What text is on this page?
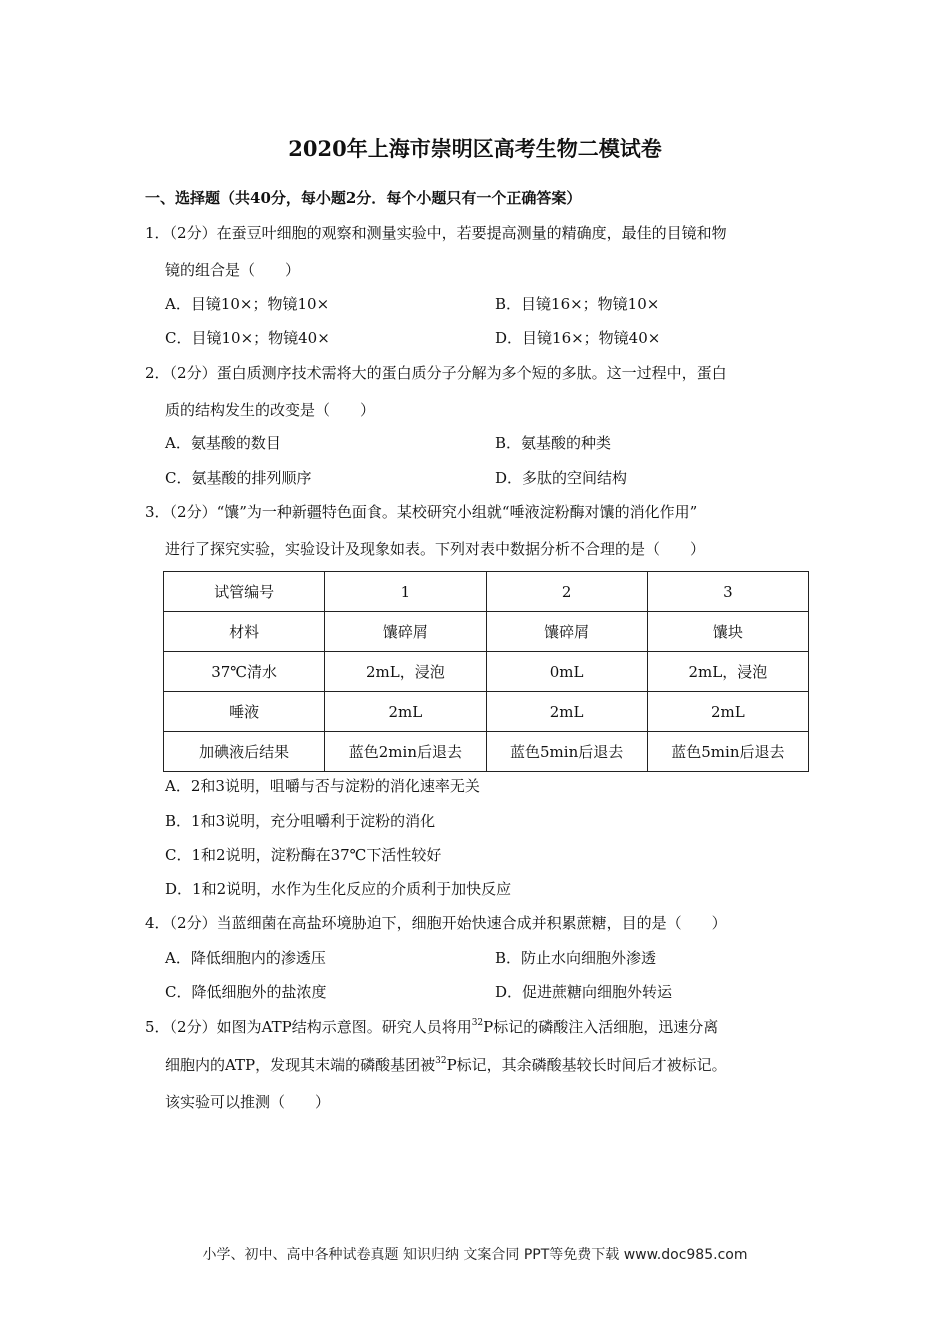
2020年上海市崇明区高考生物二模试卷
一、选择题（共40分，每小题2分．每个小题只有一个正确答案）
1．（2分）在蚕豆叶细胞的观察和测量实验中，若要提高测量的精确度，最佳的目镜和物
镜的组合是（　　）
A．目镜10×；物镜10×	B．目镜16×；物镜10×
C．目镜10×；物镜40×	D．目镜16×；物镜40×
2．（2分）蛋白质测序技术需将大的蛋白质分子分解为多个短的多肽。这一过程中，蛋白
质的结构发生的改变是（　　）
A．氨基酸的数目	B．氨基酸的种类
C．氨基酸的排列顺序	D．多肽的空间结构
3．（2分）“馕”为一种新疆特色面食。某校研究小组就“唾液淀粉酶对馕的消化作用”
进行了探究实验，实验设计及现象如表。下列对表中数据分析不合理的是（　　）
试管编号	1	2	3
材料	馕碎屑	馕碎屑	馕块
37℃清水	2mL，浸泡	0mL	2mL，浸泡
唾液	2mL	2mL	2mL
加碘液后结果	蓝色2min后退去	蓝色5min后退去	蓝色5min后退去
A．2和3说明，咀嚼与否与淀粉的消化速率无关
B．1和3说明，充分咀嚼利于淀粉的消化
C．1和2说明，淀粉酶在37℃下活性较好
D．1和2说明，水作为生化反应的介质利于加快反应
4．（2分）当蓝细菌在高盐环境胁迫下，细胞开始快速合成并积累蔗糖，目的是（　　）
A．降低细胞内的渗透压	B．防止水向细胞外渗透
C．降低细胞外的盐浓度	D．促进蔗糖向细胞外转运
5．（2分）如图为ATP结构示意图。研究人员将用$^{32}$P标记的磷酸注入活细胞，迅速分离
细胞内的ATP，发现其末端的磷酸基团被$^{32}$P标记，其余磷酸基较长时间后才被标记。
该实验可以推测（　　）
小学、初中、高中各种试卷真题 知识归纳 文案合同 PPT等免费下载 www.doc985.com
